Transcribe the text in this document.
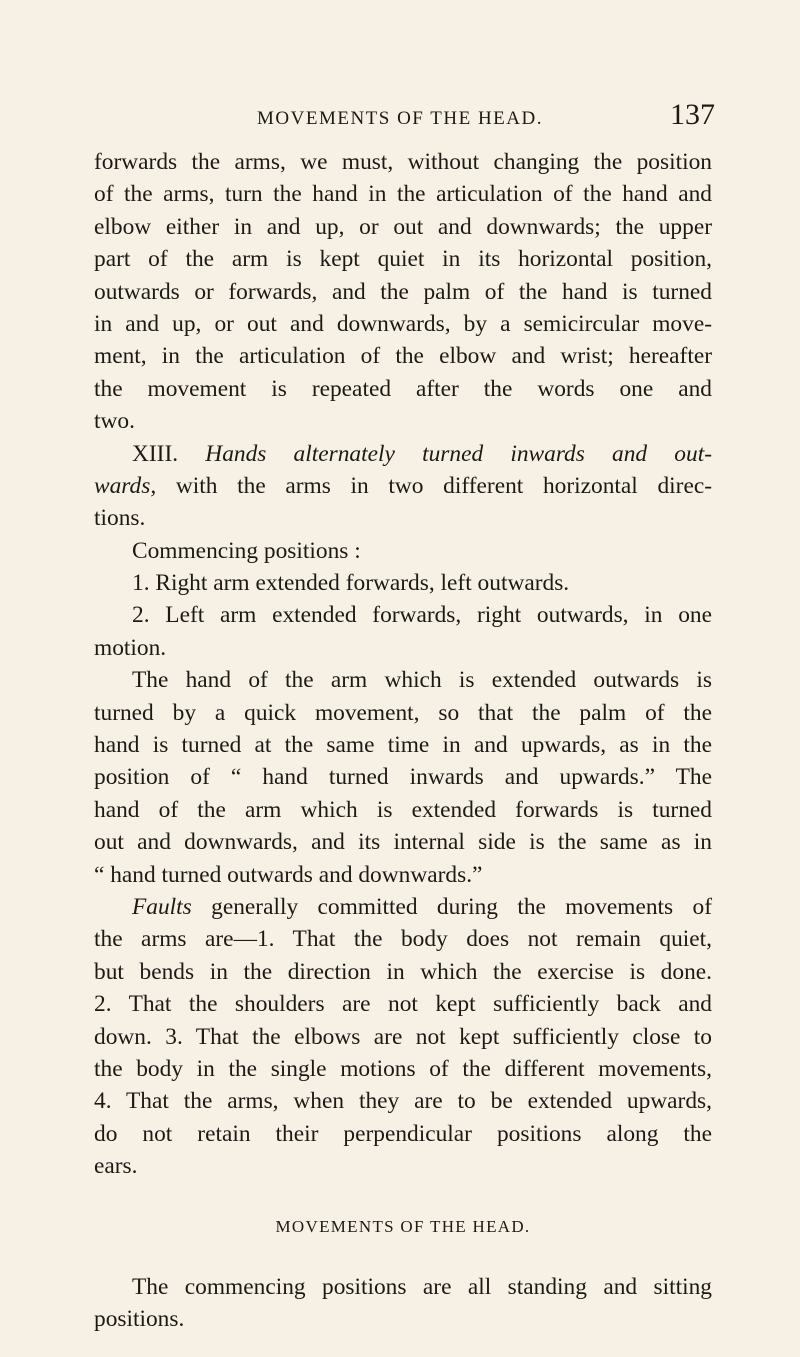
MOVEMENTS OF THE HEAD.	137
forwards the arms, we must, without changing the position
of the arms, turn the hand in the articulation of the hand and
elbow either in and up, or out and downwards; the upper
part of the arm is kept quiet in its horizontal position,
outwards or forwards, and the palm of the hand is turned
in and up, or out and downwards, by a semicircular move-
ment, in the articulation of the elbow and wrist; hereafter
the movement is repeated after the words one and
two.
XIII. Hands alternately turned inwards and out-
wards, with the arms in two different horizontal direc-
tions.
Commencing positions :
1. Right arm extended forwards, left outwards.
2. Left arm extended forwards, right outwards, in one
motion.
The hand of the arm which is extended outwards is
turned by a quick movement, so that the palm of the
hand is turned at the same time in and upwards, as in the
position of “ hand turned inwards and upwards.” The
hand of the arm which is extended forwards is turned
out and downwards, and its internal side is the same as in
“ hand turned outwards and downwards.”
Faults generally committed during the movements of
the arms are—1. That the body does not remain quiet,
but bends in the direction in which the exercise is done.
2. That the shoulders are not kept sufficiently back and
down. 3. That the elbows are not kept sufficiently close to
the body in the single motions of the different movements,
4. That the arms, when they are to be extended upwards,
do not retain their perpendicular positions along the
ears.
MOVEMENTS OF THE HEAD.
The commencing positions are all standing and sitting
positions.
